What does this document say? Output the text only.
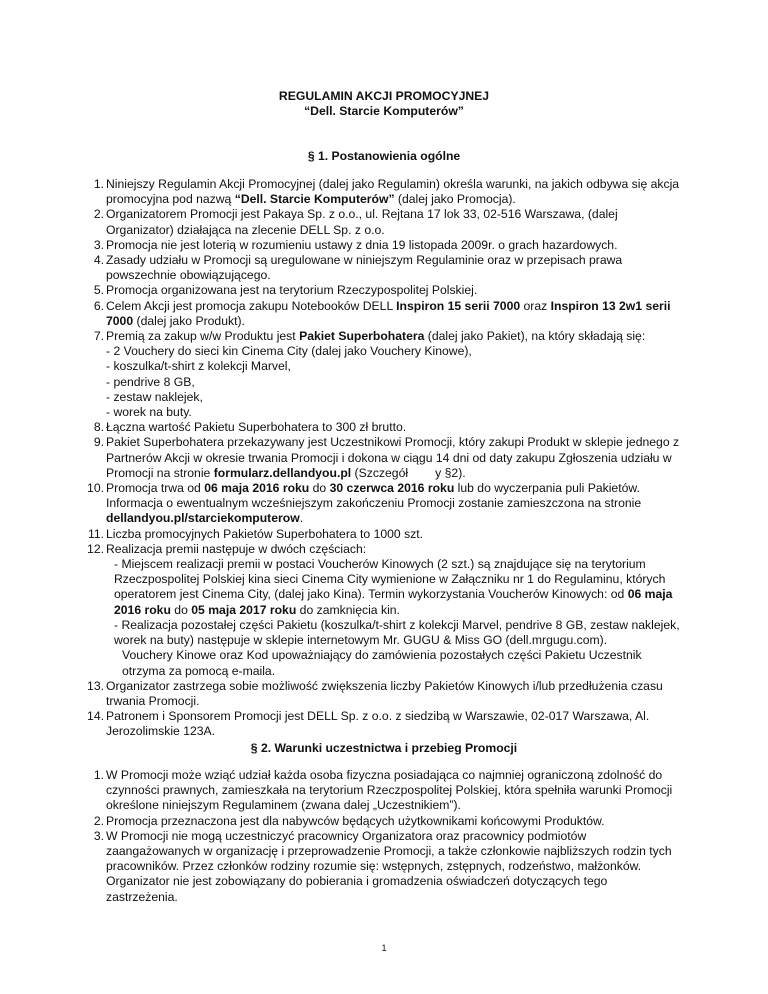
REGULAMIN AKCJI PROMOCYJNEJ
“Dell. Starcie Komputerów”
§ 1. Postanowienia ogólne
1. Niniejszy Regulamin Akcji Promocyjnej (dalej jako Regulamin) określa warunki, na jakich odbywa się akcja promocyjna pod nazwą “Dell. Starcie Komputerów” (dalej jako Promocja).
2. Organizatorem Promocji jest Pakaya Sp. z o.o., ul. Rejtana 17 lok 33, 02-516 Warszawa, (dalej Organizator) działająca na zlecenie DELL Sp. z o.o.
3. Promocja nie jest loterią w rozumieniu ustawy z dnia 19 listopada 2009r. o grach hazardowych.
4. Zasady udziału w Promocji są uregulowane w niniejszym Regulaminie oraz w przepisach prawa powszechnie obowiązującego.
5. Promocja organizowana jest na terytorium Rzeczypospolitej Polskiej.
6. Celem Akcji jest promocja zakupu Notebooków DELL Inspiron 15 serii 7000 oraz Inspiron 13 2w1 serii 7000 (dalej jako Produkt).
7. Premią za zakup w/w Produktu jest Pakiet Superbohatera (dalej jako Pakiet), na który składają się:
- 2 Vouchery do sieci kin Cinema City (dalej jako Vouchery Kinowe),
- koszulka/t-shirt z kolekcji Marvel,
- pendrive 8 GB,
- zestaw naklejek,
- worek na buty.
8. Łączna wartość Pakietu Superbohatera to 300 zł brutto.
9. Pakiet Superbohatera przekazywany jest Uczestnikowi Promocji, który zakupi Produkt w sklepie jednego z Partnerów Akcji w okresie trwania Promocji i dokona w ciągu 14 dni od daty zakupu Zgłoszenia udziału w Promocji na stronie formularz.dellandyou.pl (Szczegół        y §2).
10. Promocja trwa od 06 maja 2016 roku do 30 czerwca 2016 roku lub do wyczerpania puli Pakietów. Informacja o ewentualnym wcześniejszym zakończeniu Promocji zostanie zamieszczona na stronie dellandyou.pl/starciekomputerow.
11. Liczba promocyjnych Pakietów Superbohatera to 1000 szt.
12. Realizacja premii następuje w dwóch częściach:
- Miejscem realizacji premii w postaci Voucherów Kinowych (2 szt.) są znajdujące się na terytorium Rzeczpospolitej Polskiej kina sieci Cinema City wymienione w Załączniku nr 1 do Regulaminu, których operatorem jest Cinema City, (dalej jako Kina). Termin wykorzystania Voucherów Kinowych: od 06 maja 2016 roku do 05 maja 2017 roku do zamknięcia kin.
- Realizacja pozostałej części Pakietu (koszulka/t-shirt z kolekcji Marvel, pendrive 8 GB, zestaw naklejek, worek na buty) następuje w sklepie internetowym Mr. GUGU & Miss GO (dell.mrgugu.com).
Vouchery Kinowe oraz Kod upoważniający do zamówienia pozostałych części Pakietu Uczestnik otrzyma za pomocą e-maila.
13. Organizator zastrzega sobie możliwość zwiększenia liczby Pakietów Kinowych i/lub przedłużenia czasu trwania Promocji.
14. Patronem i Sponsorem Promocji jest DELL Sp. z o.o. z siedzibą w Warszawie, 02-017 Warszawa, Al. Jerozolimskie 123A.
§ 2. Warunki uczestnictwa i przebieg Promocji
1. W Promocji może wziąć udział każda osoba fizyczna posiadająca co najmniej ograniczoną zdolność do czynności prawnych, zamieszkała na terytorium Rzeczpospolitej Polskiej, która spełniła warunki Promocji określone niniejszym Regulaminem (zwana dalej „Uczestnikiem”).
2. Promocja przeznaczona jest dla nabywców będących użytkownikami końcowymi Produktów.
3. W Promocji nie mogą uczestniczyć pracownicy Organizatora oraz pracownicy podmiotów zaangażowanych w organizację i przeprowadzenie Promocji, a także członkowie najbliższych rodzin tych pracowników. Przez członków rodziny rozumie się: wstępnych, zstępnych, rodzeństwo, małżonków. Organizator nie jest zobowiązany do pobierania i gromadzenia oświadczeń dotyczących tego zastrzeżenia.
1
